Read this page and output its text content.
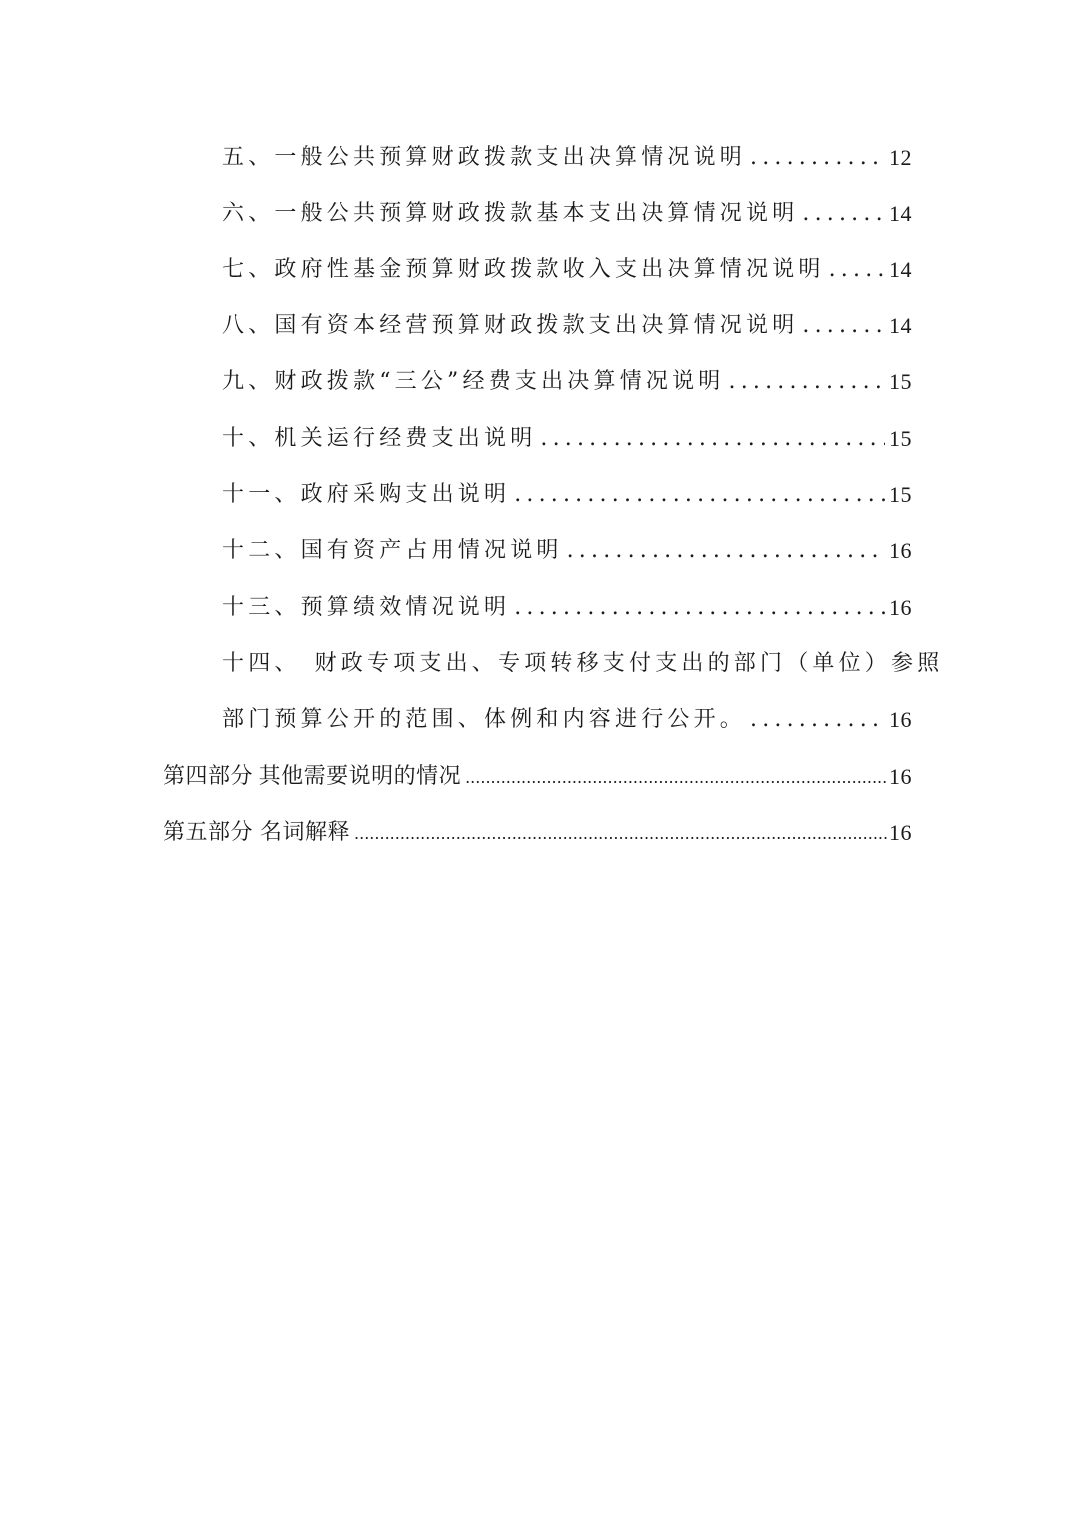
五、一般公共预算财政拨款支出决算情况说明 .....	12
六、一般公共预算财政拨款基本支出决算情况说明 .....	14
七、政府性基金预算财政拨款收入支出决算情况说明 .....	14
八、国有资本经营预算财政拨款支出决算情况说明 .....	14
九、财政拨款“三公”经费支出决算情况说明 .....	15
十、机关运行经费支出说明 .....	15
十一、政府采购支出说明 .....	15
十二、国有资产占用情况说明 .....	16
十三、预算绩效情况说明 .....	16
十四、 财政专项支出、专项转移支付支出的部门（单位）参照
部门预算公开的范围、体例和内容进行公开。 .....	16
第四部分 其他需要说明的情况 .....	16
第五部分 名词解释 .....	16
